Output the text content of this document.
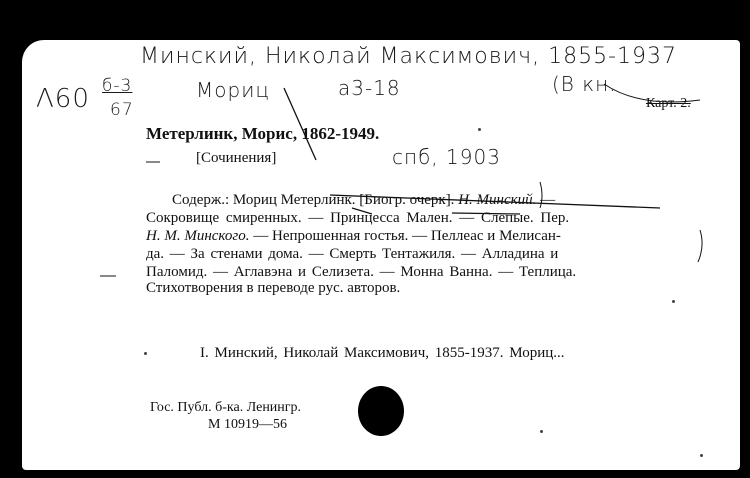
Минский, Николай Максимович, 1855-1937
Λ60 б-3
67
Мориц	а3-18	(В кн.
Карт. 2.
Метерлинк, Морис, 1862-1949.
[Сочинения]	спб, 1903
Содерж.: Мориц Метерлинк. [Биогр. очерк]. Н. Минский. —
Сокровище смиренных. — Принцесса Мален. — Слепые. Пер.
Н. М. Минского. — Непрошенная гостья. — Пеллеас и Мелисан-
да. — За стенами дома. — Смерть Тентажиля. — Алладина и
Паломид. — Аглавэна и Селизета. — Монна Ванна. — Теплица.
Стихотворения в переводе рус. авторов.
I. Минский, Николай Максимович, 1855-1937. Мориц...
Гос. Публ. б-ка. Ленингр.
М 10919—56
